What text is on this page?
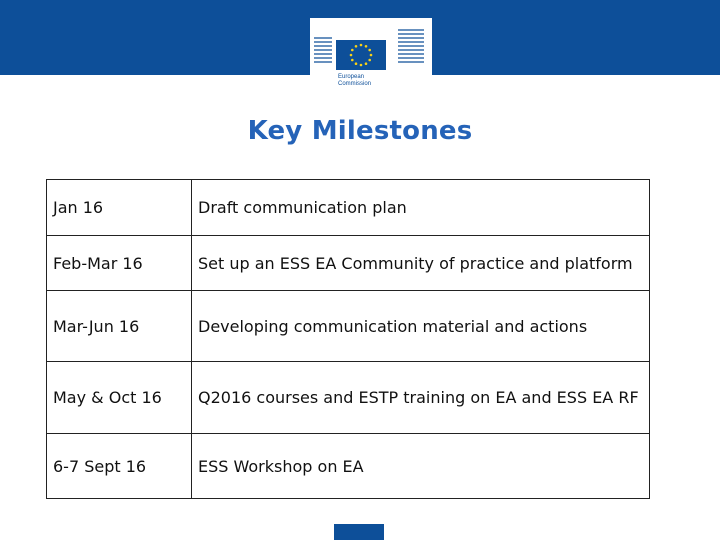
European
Commission
Key Milestones
Jan 16	Draft communication plan
Feb-Mar 16	Set up an ESS EA Community of practice and platform
Mar-Jun 16	Developing communication material and actions
May & Oct 16	Q2016 courses and ESTP training on EA and ESS EA RF
6-7 Sept 16	ESS Workshop on EA
